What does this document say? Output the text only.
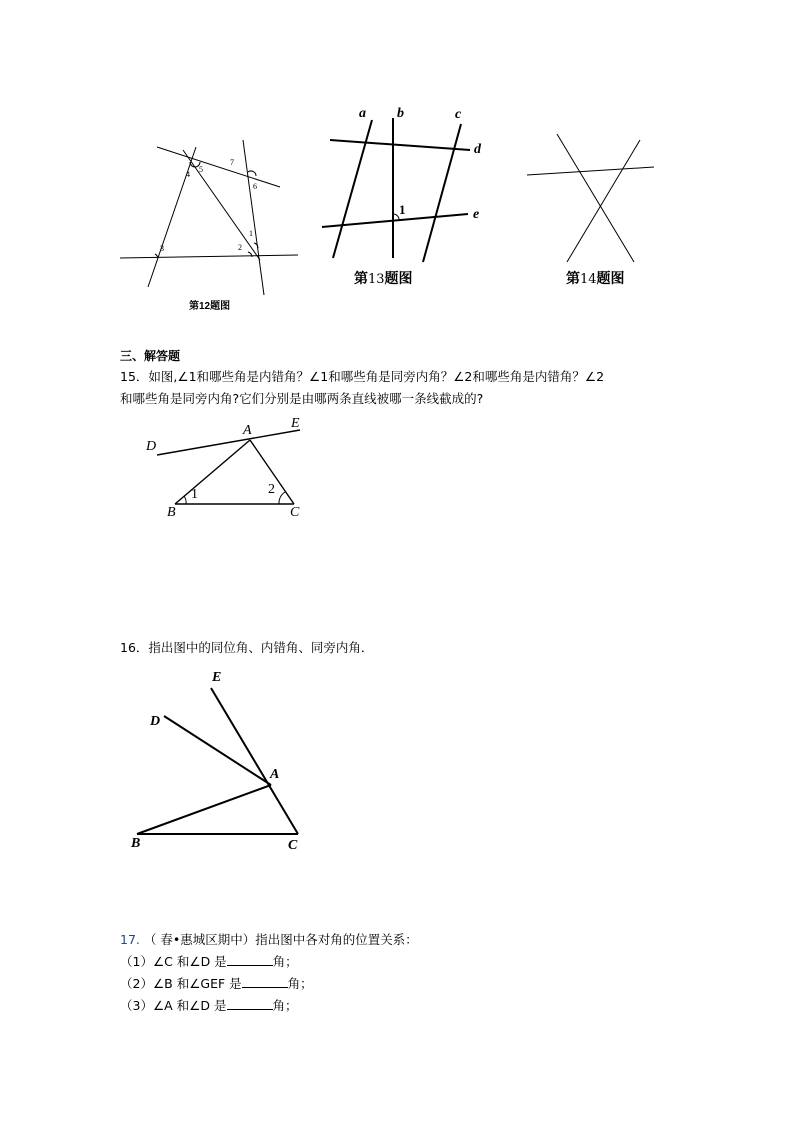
1
2
3
4
5
6
7
第12题图
a b	c
d
e
1
第13题图	第14题图
三、解答题
15．如图,∠1和哪些角是内错角？∠1和哪些角是同旁内角？∠2和哪些角是内错角？∠2
和哪些角是同旁内角?它们分别是由哪两条直线被哪一条线截成的?
D
A	E
B	C
1	2
16．指出图中的同位角、内错角、同旁内角．
E
D
A
B	C
17. （ 春•惠城区期中）指出图中各对角的位置关系：
（1）∠C 和∠D 是	角；
（2）∠B 和∠GEF 是	角；
（3）∠A 和∠D 是	角；
